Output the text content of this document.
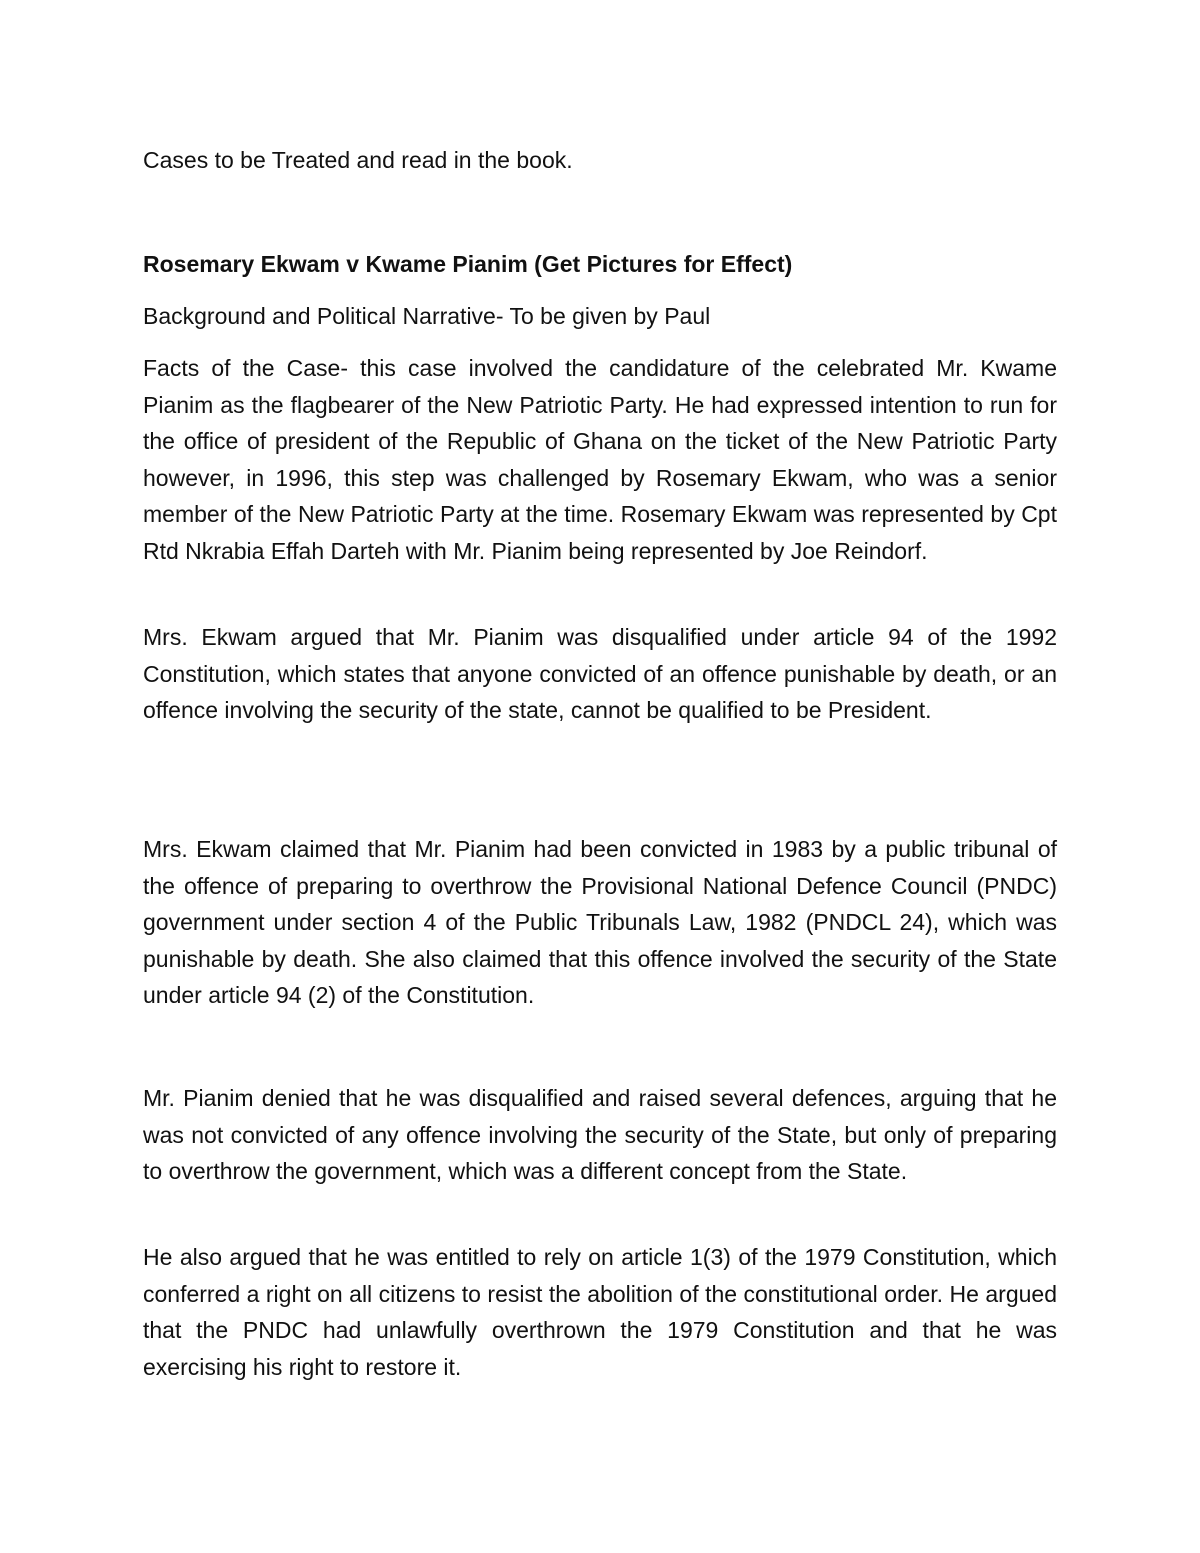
Cases to be Treated and read in the book.
Rosemary Ekwam v Kwame Pianim (Get Pictures for Effect)
Background and Political Narrative- To be given by Paul
Facts of the Case- this case involved the candidature of the celebrated Mr. Kwame Pianim as the flagbearer of the New Patriotic Party. He had expressed intention to run for the office of president of the Republic of Ghana on the ticket of the New Patriotic Party however, in 1996, this step was challenged by Rosemary Ekwam, who was a senior member of the New Patriotic Party at the time. Rosemary Ekwam was represented by Cpt Rtd Nkrabia Effah Darteh with Mr. Pianim being represented by Joe Reindorf.
Mrs. Ekwam argued that Mr. Pianim was disqualified under article 94 of the 1992 Constitution, which states that anyone convicted of an offence punishable by death, or an offence involving the security of the state, cannot be qualified to be President.
Mrs. Ekwam claimed that Mr. Pianim had been convicted in 1983 by a public tribunal of the offence of preparing to overthrow the Provisional National Defence Council (PNDC) government under section 4 of the Public Tribunals Law, 1982 (PNDCL 24), which was punishable by death. She also claimed that this offence involved the security of the State under article 94 (2) of the Constitution.
Mr. Pianim denied that he was disqualified and raised several defences, arguing that he was not convicted of any offence involving the security of the State, but only of preparing to overthrow the government, which was a different concept from the State.
He also argued that he was entitled to rely on article 1(3) of the 1979 Constitution, which conferred a right on all citizens to resist the abolition of the constitutional order. He argued that the PNDC had unlawfully overthrown the 1979 Constitution and that he was exercising his right to restore it.
